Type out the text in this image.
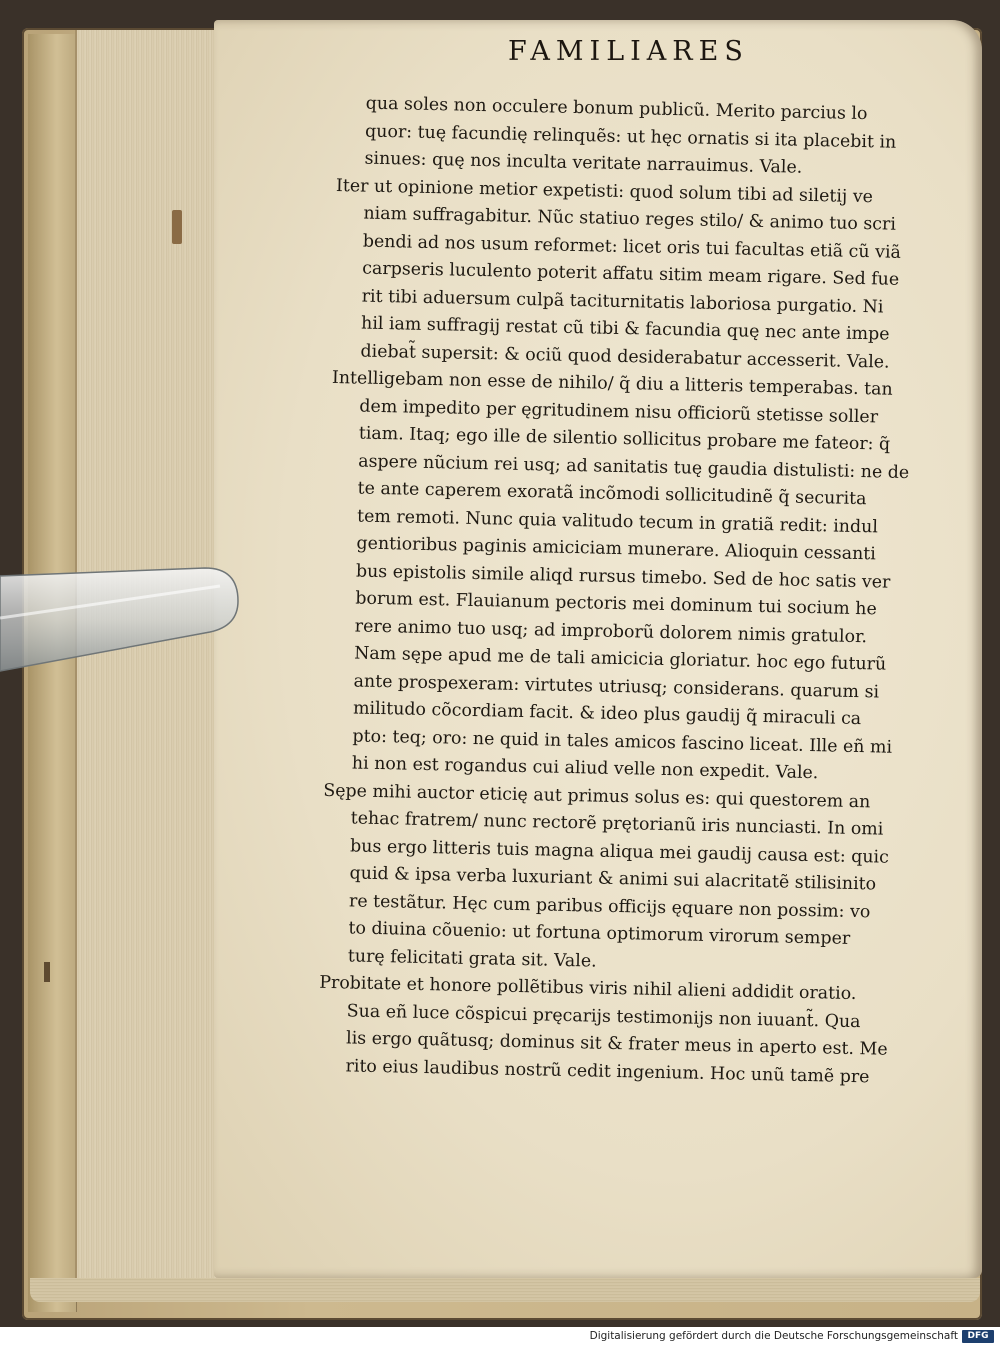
FAMILIARES

qua soles non occulere bonum publicũ. Merito parcius lo
quor: tuę facundię relinquẽs: ut hęc ornatis si ita placebit in
sinues: quę nos inculta veritate narrauimus. Vale.

Iter ut opinione metior expetisti: quod solum tibi ad siletij ve
niam suffragabitur. Nũc statiuo reges stilo/ & animo tuo scri
bendi ad nos usum reformet: licet oris tui facultas etiã cũ viã
carpseris luculento poterit affatu sitim meam rigare. Sed fue
rit tibi aduersum culpã taciturnitatis laboriosa purgatio. Ni
hil iam suffragij restat cũ tibi & facundia quę nec ante impe
diebat̃ supersit: & ociũ quod desiderabatur accesserit. Vale.

Intelligebam non esse de nihilo/ q̃ diu a litteris temperabas. tan
dem impedito per ęgritudinem nisu officiorũ stetisse soller
tiam. Itaq; ego ille de silentio sollicitus probare me fateor: q̃
aspere nũcium rei usq; ad sanitatis tuę gaudia distulisti: ne de
te ante caperem exoratã incõmodi sollicitudinẽ q̃ securita
tem remoti. Nunc quia valitudo tecum in gratiã redit: indul
gentioribus paginis amiciciam munerare. Alioquin cessanti
bus epistolis simile aliqd rursus timebo. Sed de hoc satis ver
borum est. Flauianum pectoris mei dominum tui socium he
rere animo tuo usq; ad improborũ dolorem nimis gratulor.
Nam sępe apud me de tali amicicia gloriatur. hoc ego futurũ
ante prospexeram: virtutes utriusq; considerans. quarum si
militudo cõcordiam facit. & ideo plus gaudij q̃ miraculi ca
pto: teq; oro: ne quid in tales amicos fascino liceat. Ille eñ mi
hi non est rogandus cui aliud velle non expedit. Vale.

Sępe mihi auctor eticię aut primus solus es: qui questorem an
tehac fratrem/ nunc rectorẽ prętorianũ iris nunciasti. In omi
bus ergo litteris tuis magna aliqua mei gaudij causa est: quic
quid & ipsa verba luxuriant & animi sui alacritatẽ stilisinito
re testãtur. Hęc cum paribus officijs ęquare non possim: vo
to diuina cõuenio: ut fortuna optimorum virorum semper
turę felicitati grata sit. Vale.

Probitate et honore pollẽtibus viris nihil alieni addidit oratio.
Sua eñ luce cõspicui pręcarijs testimonijs non iuuant̃. Qua
lis ergo quãtusq; dominus sit & frater meus in aperto est. Me
rito eius laudibus nostrũ cedit ingenium. Hoc unũ tamẽ pre

Digitalisierung gefördert durch die Deutsche Forschungsgemeinschaft	DFG
